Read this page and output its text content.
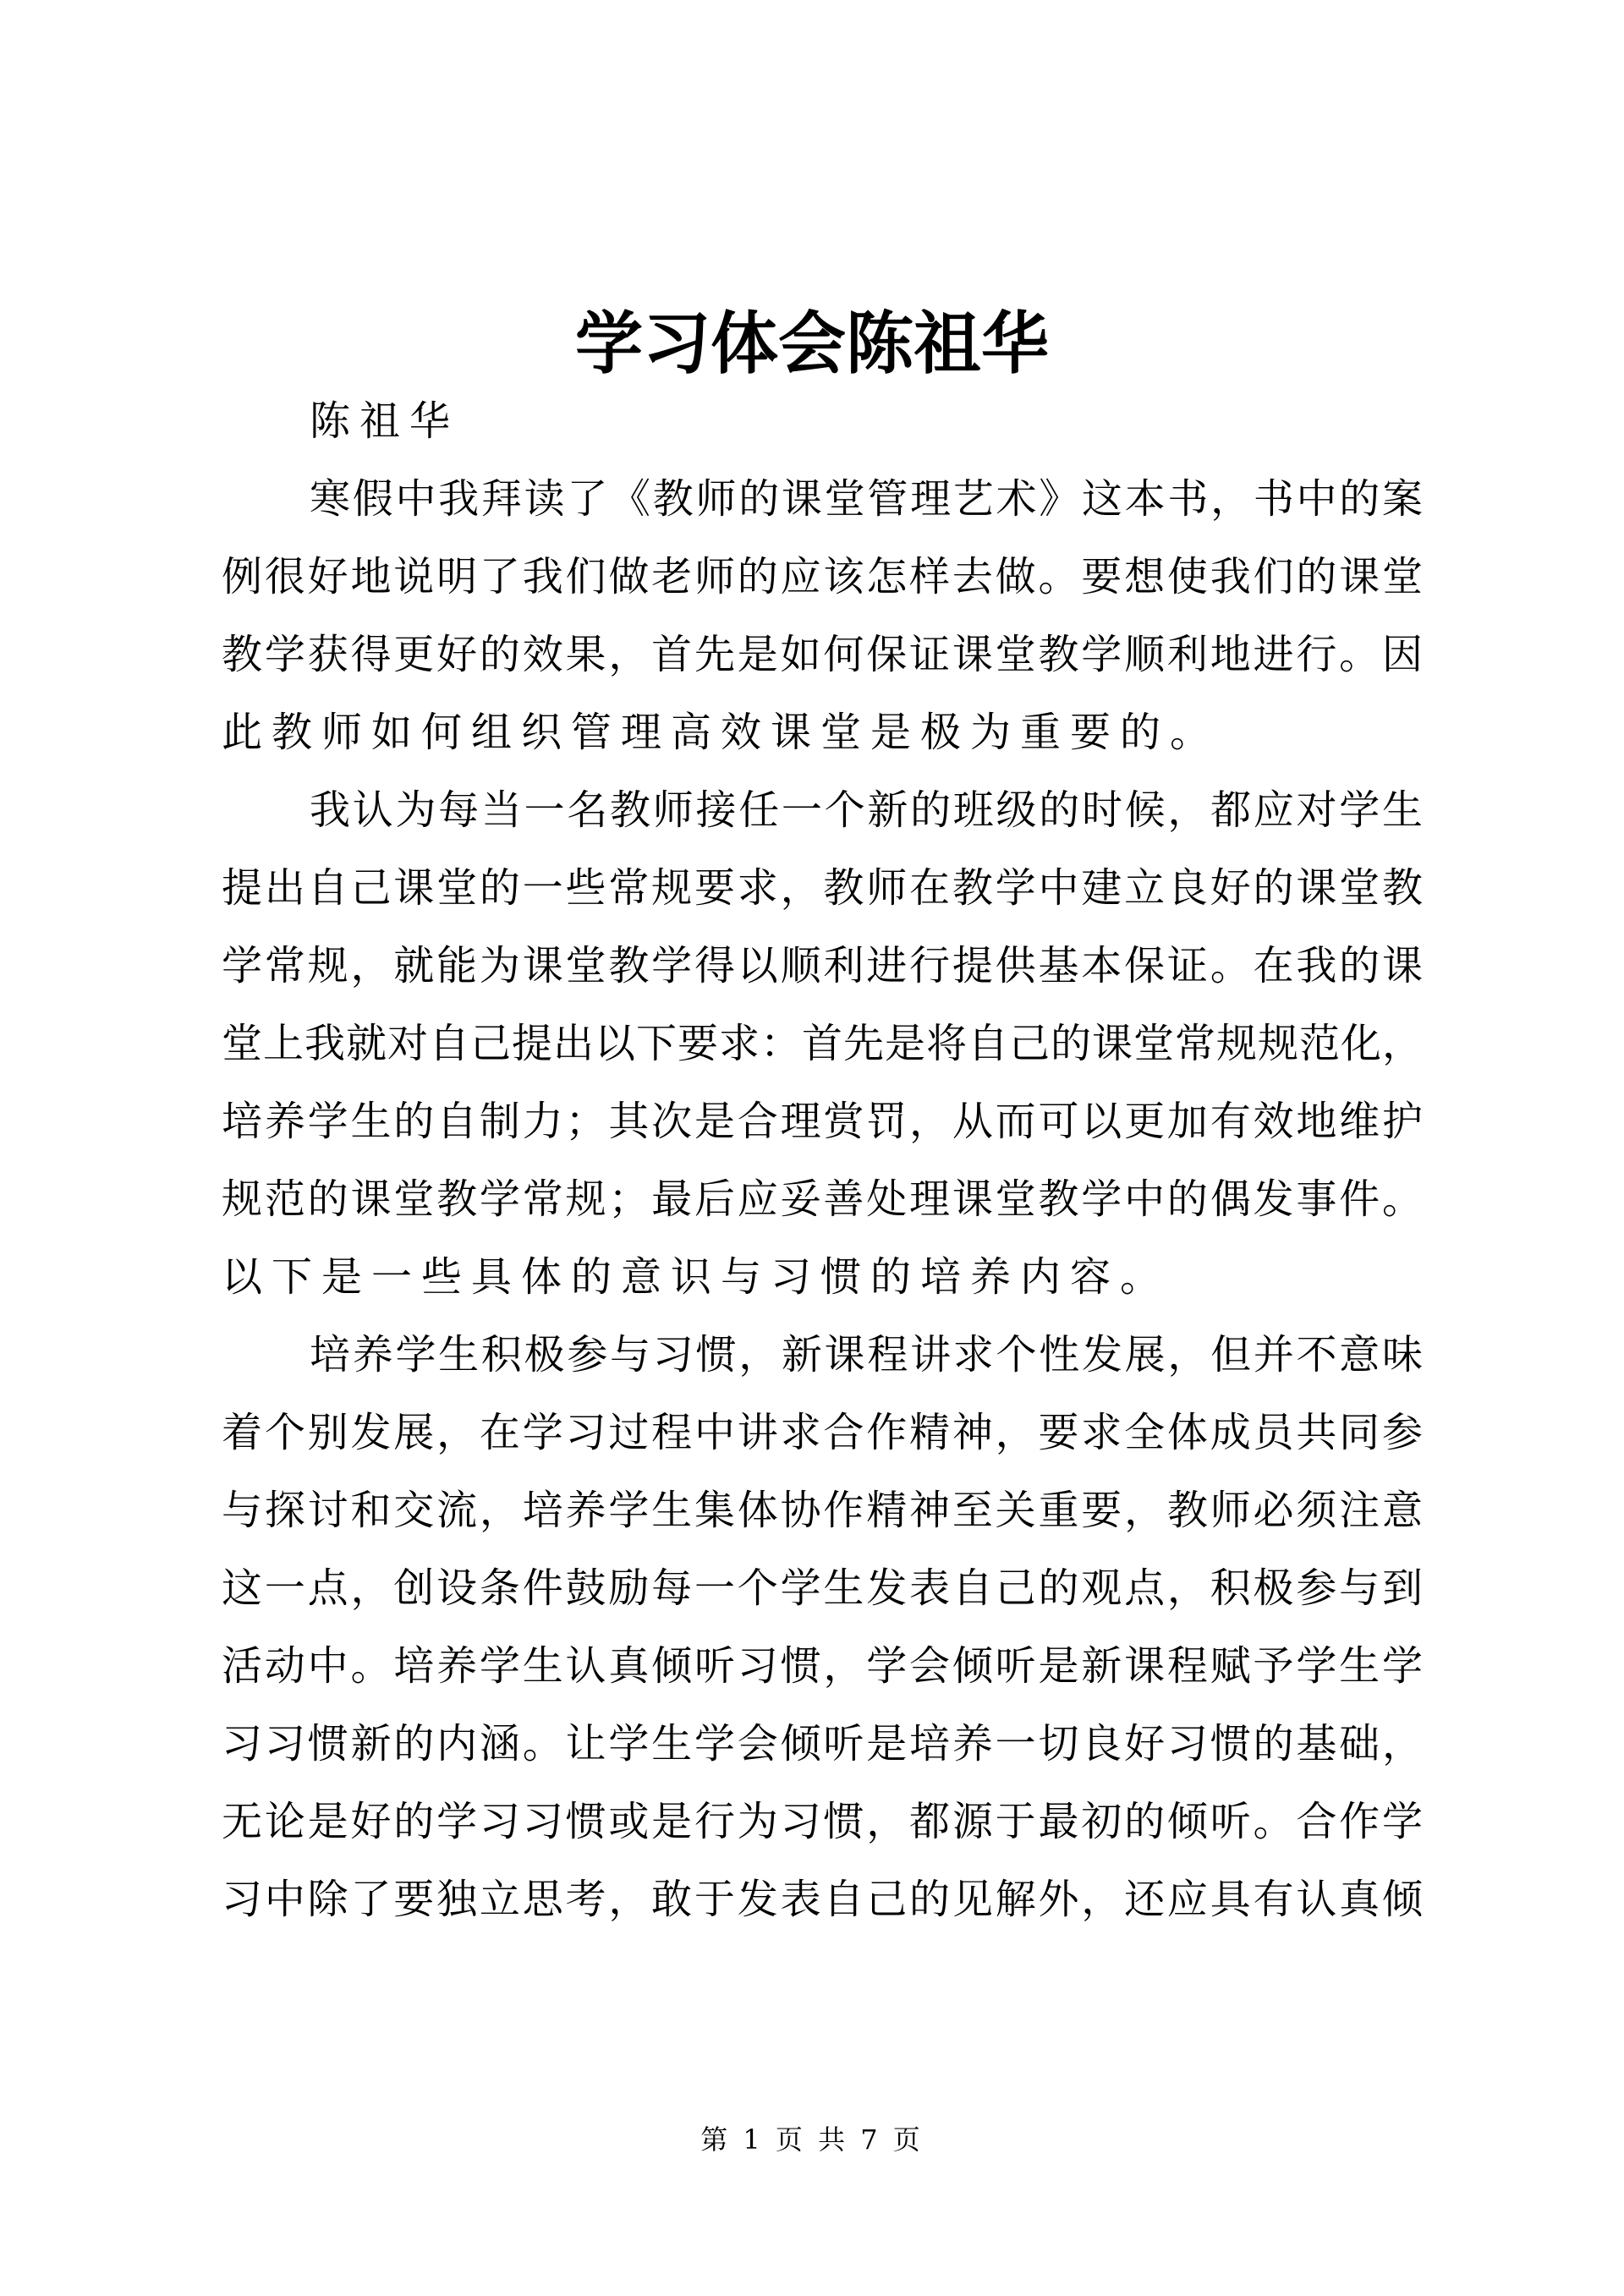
学习体会陈祖华
陈祖华
寒假中我拜读了《教师的课堂管理艺术》这本书，书中的案
例很好地说明了我们做老师的应该怎样去做。要想使我们的课堂
教学获得更好的效果，首先是如何保证课堂教学顺利地进行。因
此教师如何组织管理高效课堂是极为重要的。
我认为每当一名教师接任一个新的班级的时候，都应对学生
提出自己课堂的一些常规要求，教师在教学中建立良好的课堂教
学常规，就能为课堂教学得以顺利进行提供基本保证。在我的课
堂上我就对自己提出以下要求：首先是将自己的课堂常规规范化，
培养学生的自制力；其次是合理赏罚，从而可以更加有效地维护
规范的课堂教学常规；最后应妥善处理课堂教学中的偶发事件。
以下是一些具体的意识与习惯的培养内容。
培养学生积极参与习惯，新课程讲求个性发展，但并不意味
着个别发展，在学习过程中讲求合作精神，要求全体成员共同参
与探讨和交流，培养学生集体协作精神至关重要，教师必须注意
这一点，创设条件鼓励每一个学生发表自己的观点，积极参与到
活动中。培养学生认真倾听习惯，学会倾听是新课程赋予学生学
习习惯新的内涵。让学生学会倾听是培养一切良好习惯的基础，
无论是好的学习习惯或是行为习惯，都源于最初的倾听。合作学
习中除了要独立思考，敢于发表自己的见解外，还应具有认真倾
第 1 页 共 7 页
